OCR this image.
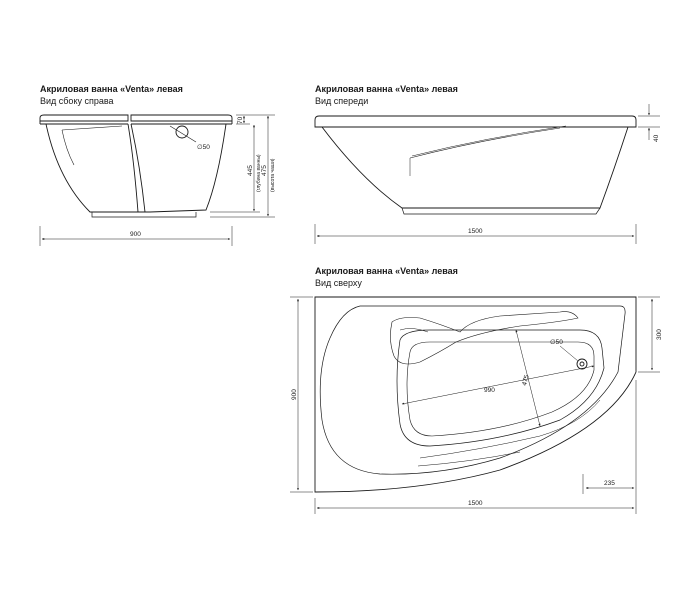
Акриловая ванна «Venta» левая
Вид сбоку справа
Акриловая ванна «Venta» левая
Вид спереди
Акриловая ванна «Venta» левая
Вид сверху
900
70
445 (глубина ванны) 475 (высота чаши)
∅50
1500
40
1500
900
300
235
990
475
∅50
